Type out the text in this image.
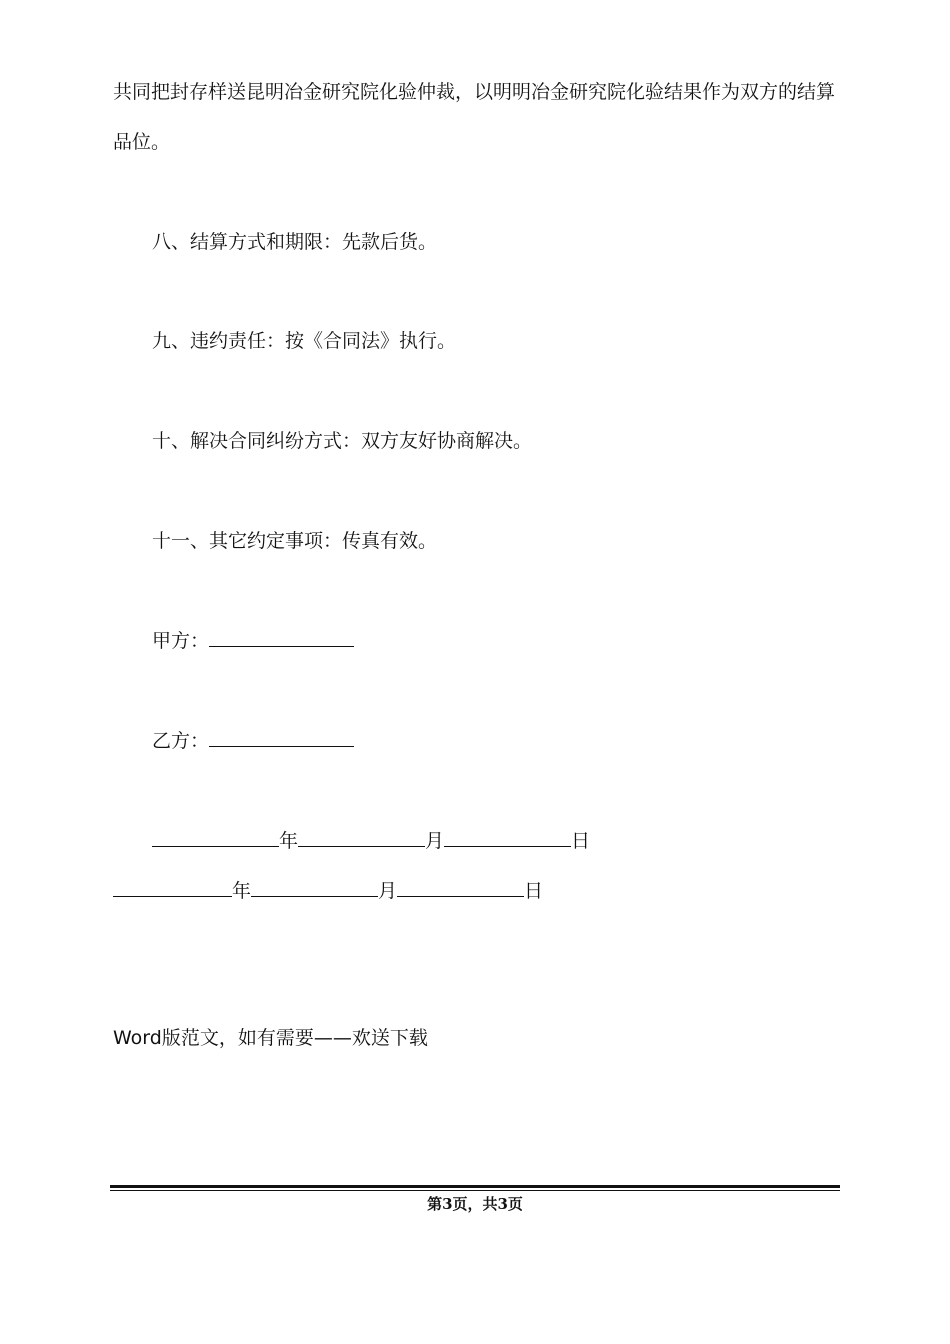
共同把封存样送昆明冶金研究院化验仲裁，以明明冶金研究院化验结果作为双方的结算

品位。

八、结算方式和期限：先款后货。

九、违约责任：按《合同法》执行。

十、解决合同纠纷方式：双方友好协商解决。

十一、其它约定事项：传真有效。

甲方：
乙方：
年	月	日
年	月	日

Word版范文，如有需要——欢送下载

第3页，共3页
